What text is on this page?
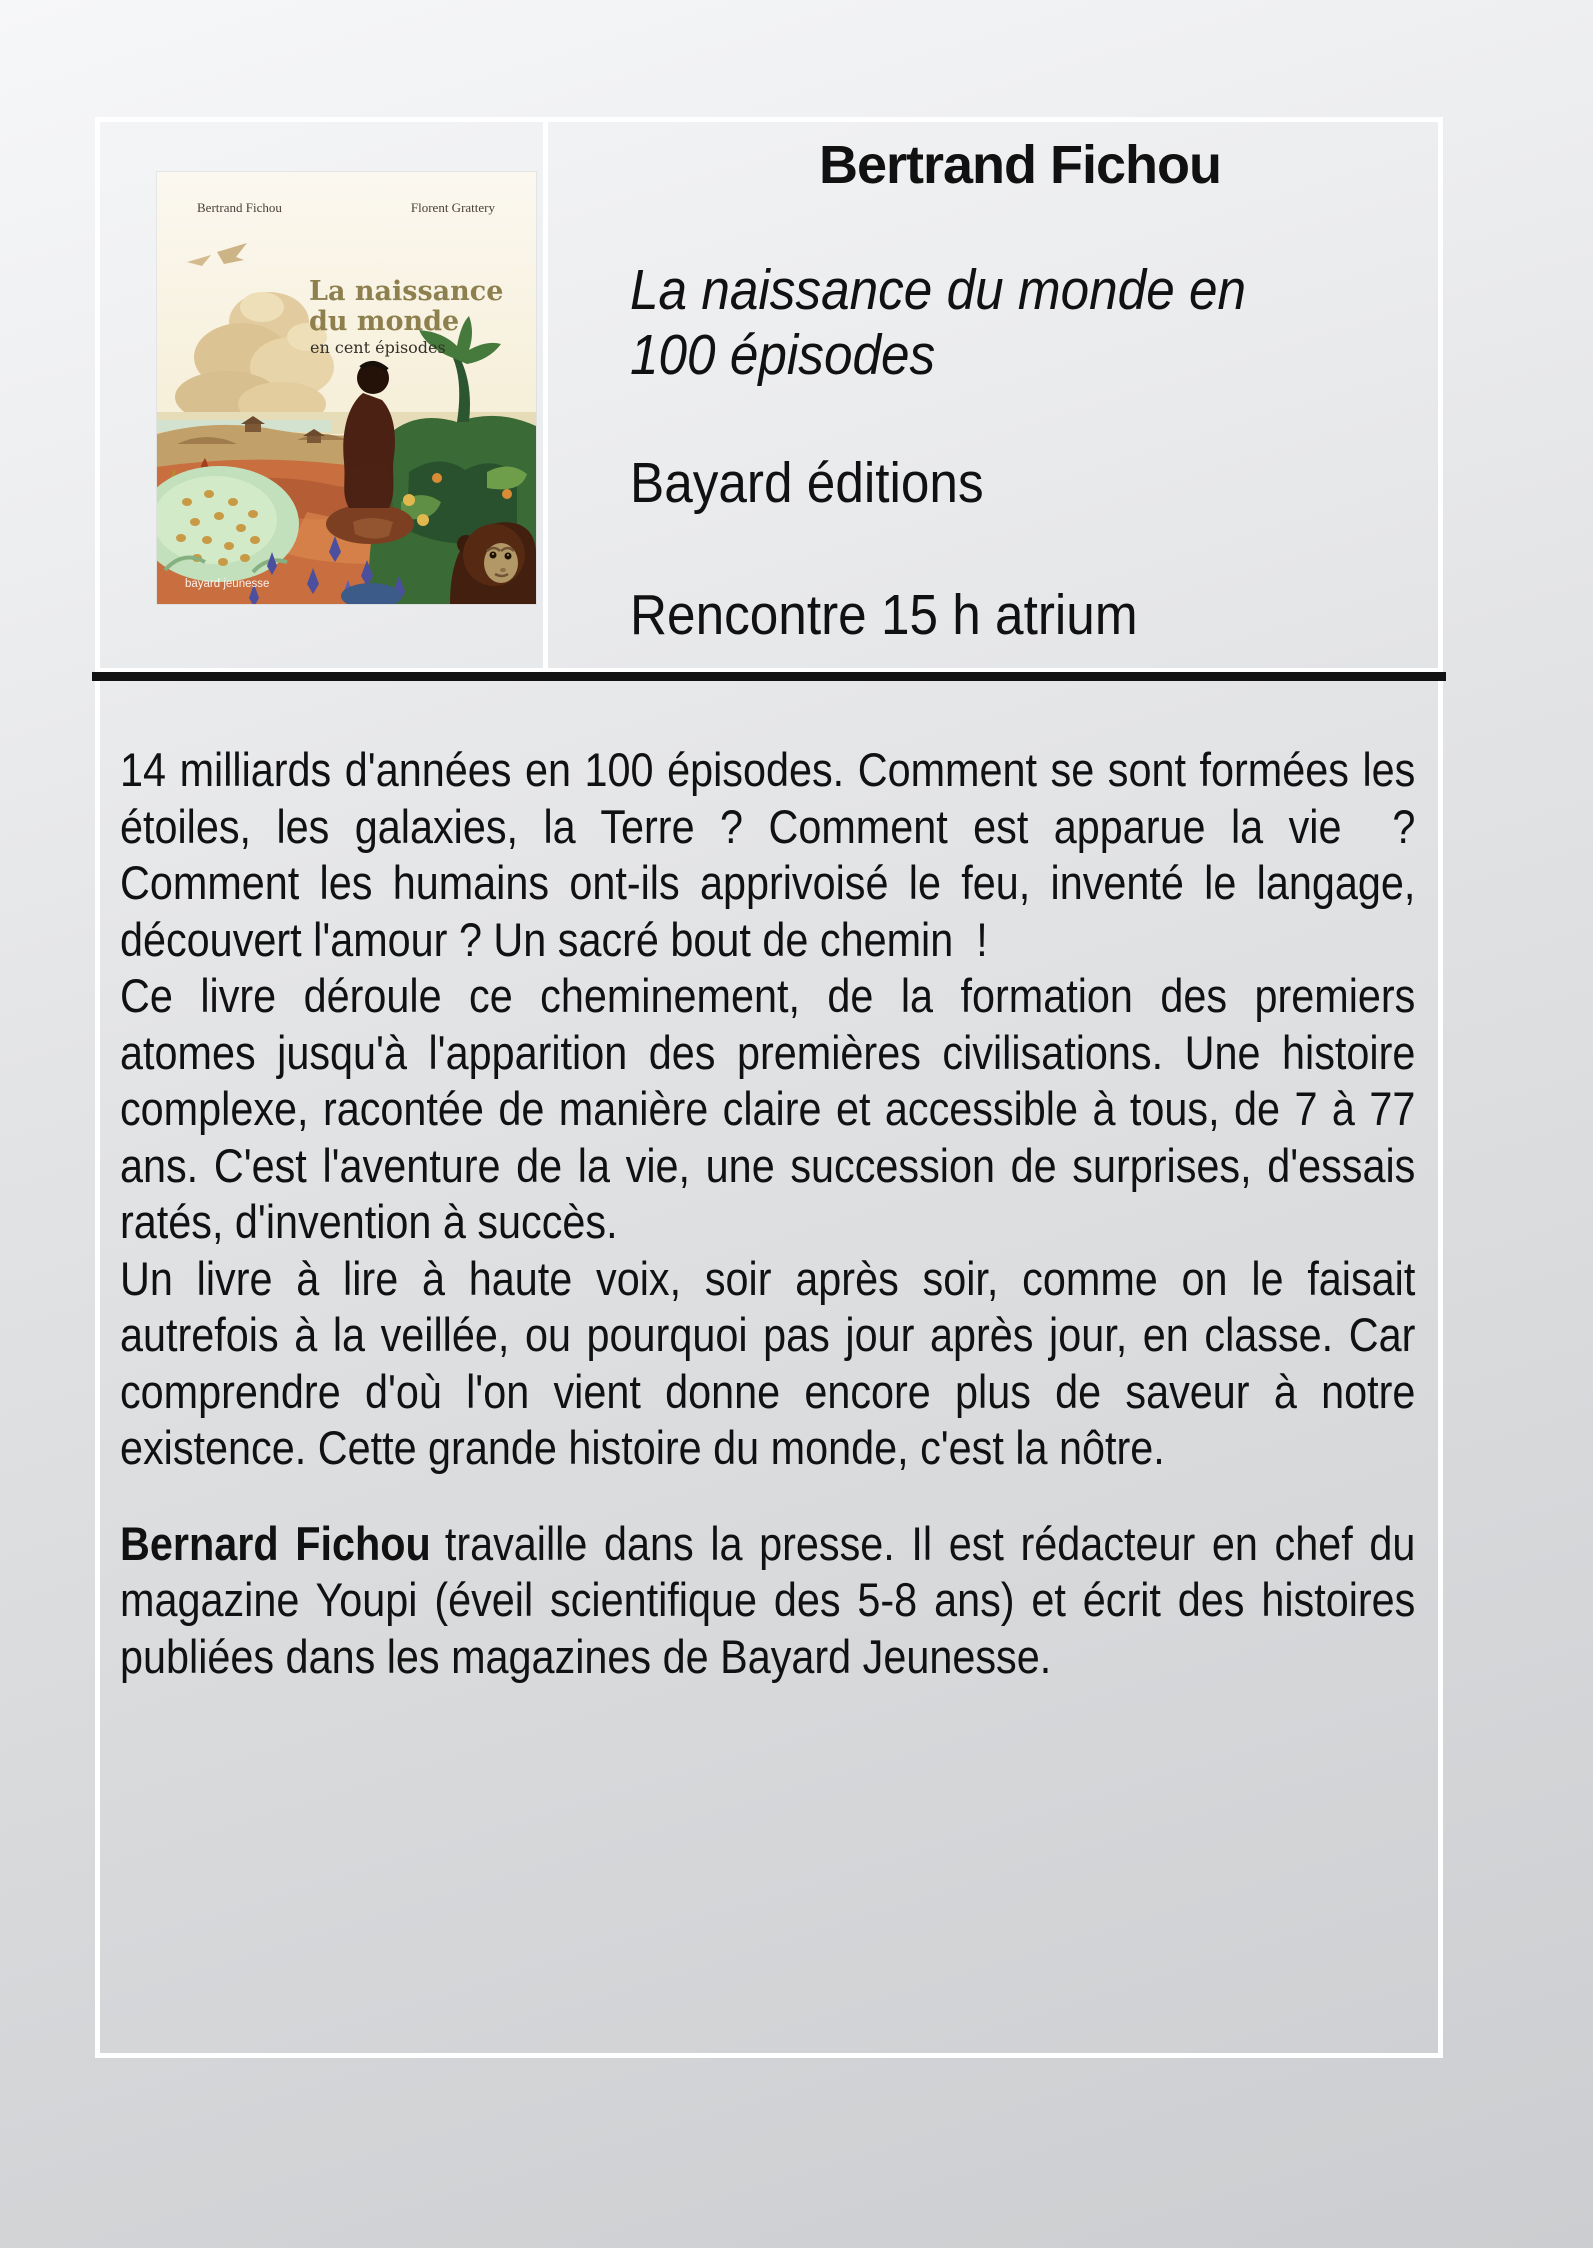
Bertrand Fichou	Florent Grattery
La naissance
du monde
en cent épisodes
bayard jeunesse
Bertrand Fichou
La naissance du monde en
100 épisodes
Bayard éditions
Rencontre 15 h atrium

14 milliards d'années en 100 épisodes. Comment se sont formées les étoiles, les galaxies, la Terre ? Comment est apparue la vie  ? Comment les humains ont-ils apprivoisé le feu, inventé le langage, découvert l'amour ? Un sacré bout de chemin  !

Ce livre déroule ce cheminement, de la formation des premiers atomes jusqu'à l'apparition des premières civilisations. Une histoire complexe, racontée de manière claire et accessible à tous, de 7 à 77 ans. C'est l'aventure de la vie, une succession de surprises, d'essais ratés, d'invention à succès.

Un livre à lire à haute voix, soir après soir, comme on le faisait autrefois à la veillée, ou pourquoi pas jour après jour, en classe. Car comprendre d'où l'on vient donne encore plus de saveur à notre existence. Cette grande histoire du monde, c'est la nôtre.

Bernard Fichou travaille dans la presse. Il est rédacteur en chef du magazine Youpi (éveil scientifique des 5-8 ans) et écrit des histoires publiées dans les magazines de Bayard Jeunesse.
